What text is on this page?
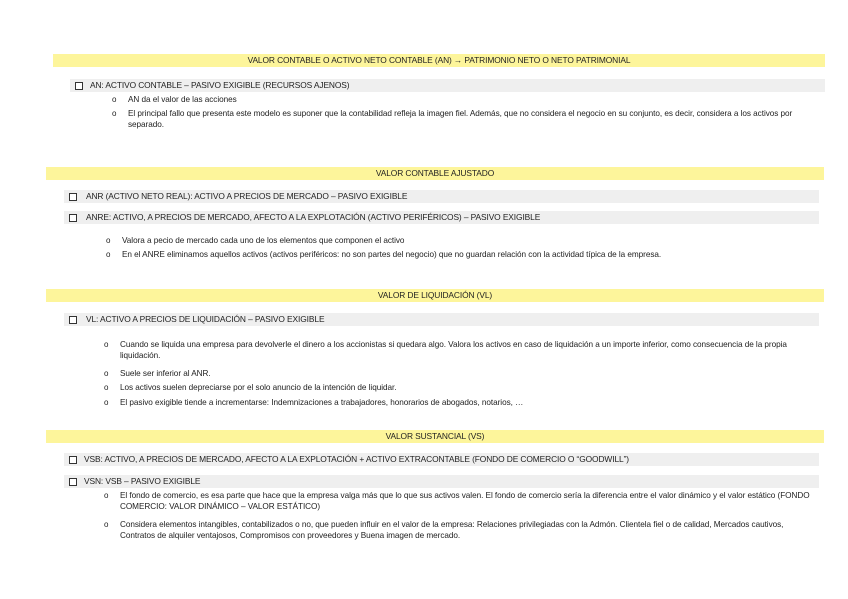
VALOR CONTABLE O ACTIVO NETO CONTABLE (AN) → PATRIMONIO NETO O NETO PATRIMONIAL
AN: ACTIVO CONTABLE – PASIVO EXIGIBLE (RECURSOS AJENOS)
o AN da el valor de las acciones
o El principal fallo que presenta este modelo es suponer que la contabilidad refleja la imagen fiel. Además, que no considera el negocio en su conjunto, es decir, considera a los activos por separado.
VALOR CONTABLE AJUSTADO
ANR (ACTIVO NETO REAL): ACTIVO A PRECIOS DE MERCADO – PASIVO EXIGIBLE
ANRE: ACTIVO, A PRECIOS DE MERCADO, AFECTO A LA EXPLOTACIÓN (ACTIVO PERIFÉRICOS) – PASIVO EXIGIBLE
o Valora a pecio de mercado cada uno de los elementos que componen el activo
o En el ANRE eliminamos aquellos activos (activos periféricos: no son partes del negocio) que no guardan relación con la actividad típica de la empresa.
VALOR DE LIQUIDACIÓN (VL)
VL: ACTIVO A PRECIOS DE LIQUIDACIÓN – PASIVO EXIGIBLE
o Cuando se liquida una empresa para devolverle el dinero a los accionistas si quedara algo. Valora los activos en caso de liquidación a un importe inferior, como consecuencia de la propia liquidación.
o Suele ser inferior al ANR.
o Los activos suelen depreciarse por el solo anuncio de la intención de liquidar.
o El pasivo exigible tiende a incrementarse: Indemnizaciones a trabajadores, honorarios de abogados, notarios, …
VALOR SUSTANCIAL (VS)
VSB: ACTIVO, A PRECIOS DE MERCADO, AFECTO A LA EXPLOTACIÓN + ACTIVO EXTRACONTABLE (FONDO DE COMERCIO O “GOODWILL”)
VSN: VSB – PASIVO EXIGIBLE
o El fondo de comercio, es esa parte que hace que la empresa valga más que lo que sus activos valen. El fondo de comercio sería la diferencia entre el valor dinámico y el valor estático (FONDO COMERCIO: VALOR DINÁMICO – VALOR ESTÁTICO)
o Considera elementos intangibles, contabilizados o no, que pueden influir en el valor de la empresa: Relaciones privilegiadas con la Admón. Clientela fiel o de calidad, Mercados cautivos, Contratos de alquiler ventajosos, Compromisos con proveedores y Buena imagen de mercado.
